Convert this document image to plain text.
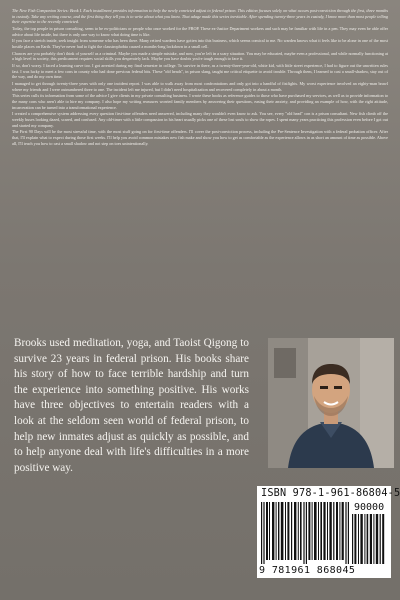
The New Fish Companion Series: Book I. Each installment provides information to help the newly convicted adjust to federal prison. This edition focuses solely on what occurs post-conviction through the first, three months in custody. Take any writing course, and the first thing they tell you is to write about what you know. That adage made this series inevitable. After spending twenty-three years in custody, I know more than most people telling their expertise to the recently convicted.

Today, the top people in prison consulting, seem to be ex-politicians or people who once worked for the FBOP. These ex-Justice Department workers and such may be familiar with life in a pen. They may even be able offer advice about life inside, but there is only one way to know what doing time is like.

If you face a stretch inside, seek insight from someone who has been there. Many retired wardens have gotten into this business, which seems comical to me. No warden knows what it feels like to be alone in one of the most hostile places on Earth. They've never had to fight the claustrophobia caused a months-long lockdown in a small cell.

Chances are you probably don't think of yourself as a criminal. Maybe you made a simple mistake, and now, you're left in a scary situation. You may be educated, maybe even a professional, and while normally functioning at a high level in society, this predicament requires social skills you desperately lack. Maybe you have doubts you're tough enough to face it.

If so, don't worry. I faced a learning curve too. I got arrested during my final semester in college. To survive in there, as a twenty-three-year-old, white kid, with little street experience, I had to figure out the unwritten rules fast. I was lucky to meet a few cons in county who had done previous federal bits. These "old heads", in prison slang, taught me critical etiquette to avoid trouble. Through them, I learned to cast a small-shadow, stay out of the way, and do my own time.

I managed to get through twenty-three years with only one incident report. I was able to walk away from most confrontations and only got into a handful of fistfights. My worst experience involved an eighty-man brawl where my friends and I were outnumbered three to one. The incident left me injured, but I didn't need hospitalization and recovered completely in about a month.

This series culls its information from some of the advice I give clients in my private consulting business. I wrote these books as reference guides to those who have purchased my services, as well as to provide information to the many cons who aren't able to hire my company. I also hope my writing reassures worried family members by answering their questions, easing their anxiety, and providing an example of how, with the right attitude, incarceration can be turned into a transformational experience.

I created a comprehensive system addressing every question first-time offenders need answered, including many they wouldn't even know to ask. You see, every "old head" con is a prison consultant. New fish climb off the weekly buses looking dazed, scared, and confused. Any old-timer with a little compassion in his heart usually picks one of these lost souls to show the ropes. I spent many years practicing this profession even before I got out and started my company.

The First 90 Days will be the most stressful time, with the most stuff going on for first-time offenders. I'll cover the post-conviction process, including the Pre-Sentence Investigation with a federal probation officer. After that, I'll explain what to expect during those first weeks. I'll help you avoid common mistakes new fish make and show you how to get as comfortable as the experience allows in as short an amount of time as possible. Above all, I'll teach you how to cast a small shadow and not step on toes unintentionally.

Brooks used meditation, yoga, and Taoist Qigong to survive 23 years in federal prison. His books share his story of how to face terrible hardship and turn the experience into something positive. His works have three objectives to entertain readers with a look at the seldom seen world of federal prison, to help new inmates adjust as quickly as possible, and to help anyone deal with life's difficulties in a more positive way.
ISBN 978-1-961-86804-5
90000
9 781961 868045
